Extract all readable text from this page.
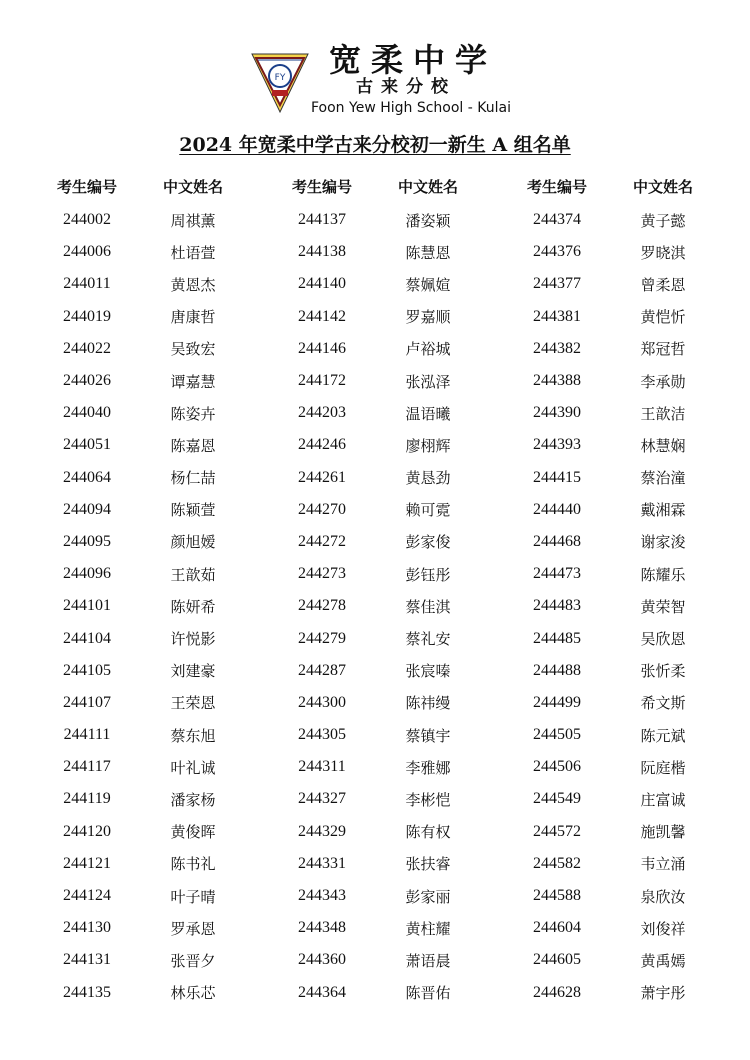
FY	宽柔中学
古来分校
Foon Yew High School - Kulai
2024 年宽柔中学古来分校初一新生 A 组名单
考生编号	中文姓名
244002	周祺薰
244006	杜语萱
244011	黄恩杰
244019	唐康哲
244022	吴致宏
244026	谭嘉慧
244040	陈姿卉
244051	陈嘉恩
244064	杨仁喆
244094	陈颖萱
244095	颜旭嫒
244096	王歆茹
244101	陈妍希
244104	许悦影
244105	刘建豪
244107	王荣恩
244111	蔡东旭
244117	叶礼诚
244119	潘家杨
244120	黄俊晖
244121	陈书礼
244124	叶子晴
244130	罗承恩
244131	张晋夕
244135	林乐芯
考生编号	中文姓名
244137	潘姿颖
244138	陈慧恩
244140	蔡姵媗
244142	罗嘉顺
244146	卢裕城
244172	张泓泽
244203	温语曦
244246	廖栩辉
244261	黄恳劲
244270	赖可霓
244272	彭家俊
244273	彭钰彤
244278	蔡佳淇
244279	蔡礼安
244287	张宸嗪
244300	陈祎缦
244305	蔡镇宇
244311	李雅娜
244327	李彬恺
244329	陈有权
244331	张扶睿
244343	彭家丽
244348	黄柱耀
244360	萧语晨
244364	陈晋佑
考生编号	中文姓名
244374	黄子懿
244376	罗晓淇
244377	曾柔恩
244381	黄恺忻
244382	郑冠哲
244388	李承勋
244390	王歆洁
244393	林慧娴
244415	蔡治潼
244440	戴湘霖
244468	谢家浚
244473	陈耀乐
244483	黄荣智
244485	吴欣恩
244488	张忻柔
244499	希文斯
244505	陈元斌
244506	阮庭楷
244549	庄富诚
244572	施凯馨
244582	韦立涌
244588	泉欣汝
244604	刘俊祥
244605	黄禹嫣
244628	萧宇彤
